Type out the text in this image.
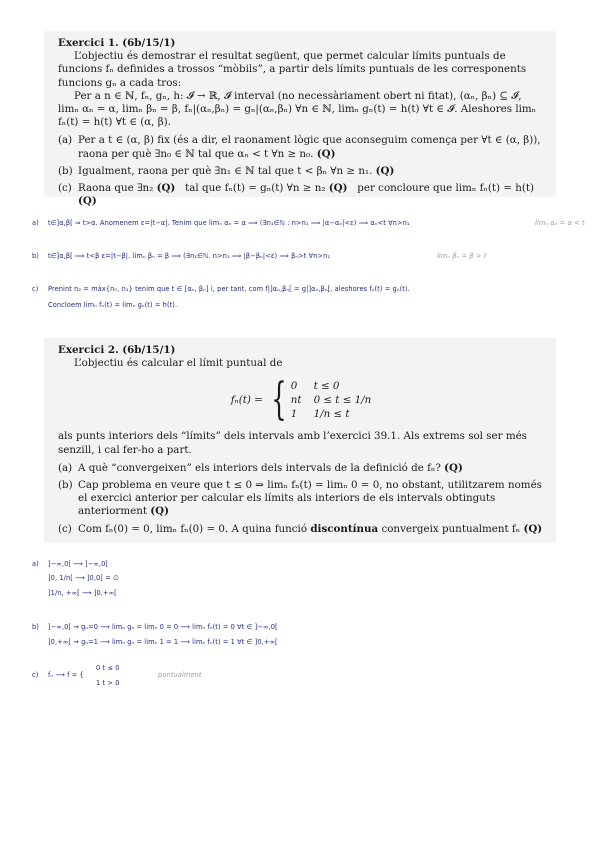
Exercici 1. (6b/15/1)

L’objectiu és demostrar el resultat següent, que permet calcular límits puntuals de funcions fₙ definides a trossos “mòbils”, a partir dels límits puntuals de les corresponents funcions gₙ a cada tros:

Per a n ∈ ℕ, fₙ, gₙ, h: 𝓘 → ℝ, 𝓘 interval (no necessàriament obert ni fitat), (αₙ, βₙ) ⊆ 𝓘, limₙ αₙ = α, limₙ βₙ = β, fₙ|(αₙ,βₙ) = gₙ|(αₙ,βₙ) ∀n ∈ ℕ, limₙ gₙ(t) = h(t) ∀t ∈ 𝓘. Aleshores limₙ fₙ(t) = h(t) ∀t ∈ (α, β).

(a) Per a t ∈ (α, β) fix (és a dir, el raonament lògic que aconseguim comença per ∀t ∈ (α, β)), raona per què ∃n₀ ∈ ℕ tal que αₙ < t ∀n ≥ n₀. (Q)
(b) Igualment, raona per què ∃n₁ ∈ ℕ tal que t < βₙ ∀n ≥ n₁. (Q)
(c) Raona que ∃n₂ (Q) tal que fₙ(t) = gₙ(t) ∀n ≥ n₂ (Q) per concloure que limₙ fₙ(t) = h(t) (Q)
a) t∈]α,β[ ⇒ t>α. Anomenem ε=|t−α|. Tenim que limₙ αₙ = α ⟹ (∃n₁∈ℕ : n>n₁ ⟹ |α−αₙ|<ε) ⟹ αₙ<t ∀n>n₁	limₙ αₙ = α < t
b) t∈]α,β[ ⟹ t<β ε=|t−β|. limₙ βₙ = β ⟹ (∃n₁∈ℕ. n>n₁ ⟹ |β−βₙ|<ε) ⟹ βₙ>t ∀n>n₁	limₙ βₙ = β > t
c) Prenint n₂ = màx{n₀, n₁} tenim que t ∈ [αₙ, βₙ] i, per tant, com f|]αₙ,βₙ[ = g|]αₙ,βₙ[, aleshores fₙ(t) = gₙ(t).
Concloem limₙ fₙ(t) = limₙ gₙ(t) = h(t).
Exercici 2. (6b/15/1)

L’objectiu és calcular el límit puntual de

fₙ(t) = { 0	t ≤ 0
nt 0 ≤ t ≤ 1/n
1	1/n ≤ t

als punts interiors dels “límits” dels intervals amb l’exercici 39.1. Als extrems sol ser més senzill, i cal fer-ho a part.

(a) A què “convergeixen” els interiors dels intervals de la definició de fₙ? (Q)
(b) Cap problema en veure que t ≤ 0 ⇒ limₙ fₙ(t) = limₙ 0 = 0, no obstant, utilitzarem només el exercici anterior per calcular els límits als interiors de els intervals obtinguts anteriorment (Q)
(c) Com fₙ(0) = 0, limₙ fₙ(0) = 0. A quina funció discontínua convergeix puntualment fₙ (Q)
a) ]−∞,0[ ⟶ ]−∞,0[
]0, 1/n[ ⟶ ]0,0[ = ∅
]1/n, +∞[ ⟶ ]0,+∞[
b) ]−∞,0[ ⇝ gₙ=0 ⟶ limₙ gₙ = limₙ 0 = 0 ⟶ limₙ fₙ(t) = 0 ∀t ∈ ]−∞,0[
]0,+∞[ ⇝ gₙ=1 ⟶ limₙ gₙ = limₙ 1 = 1 ⟶ limₙ fₙ(t) = 1 ∀t ∈ ]0,+∞[
c) fₙ ⟶ f = {
0 t ≤ 0
1 t > 0
puntualment
